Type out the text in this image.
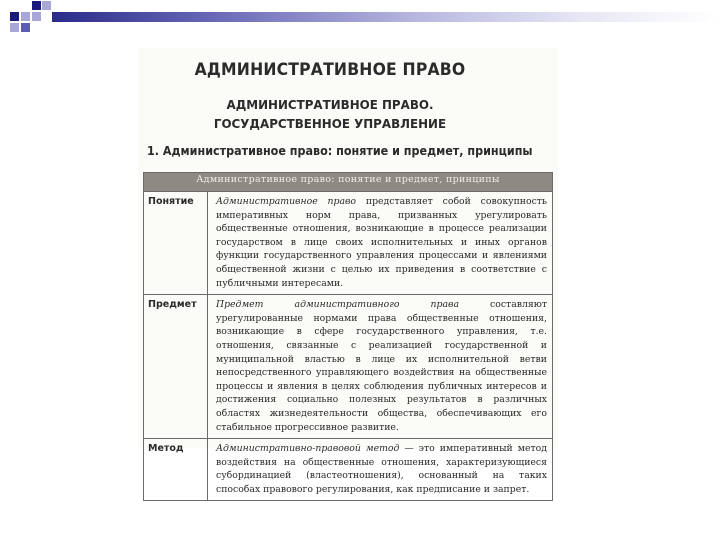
АДМИНИСТРАТИВНОЕ ПРАВО
АДМИНИСТРАТИВНОЕ ПРАВО.
ГОСУДАРСТВЕННОЕ УПРАВЛЕНИЕ
1. Административное право: понятие и предмет, принципы
Административное право: понятие и предмет, принципы	
Понятие	Административное право представляет собой совокупность императивных норм права, призванных урегулировать общественные отношения, возникающие в процессе реализации государством в лице своих исполнительных и иных органов функции государственного управления процессами и явлениями общественной жизни с целью их приведения в соответствие с публичными интересами.
Предмет	Предмет административного права составляют урегулированные нормами права общественные отношения, возникающие в сфере государственного управления, т.е. отношения, связанные с реализацией государственной и муниципальной властью в лице их исполнительной ветви непосредственного управляющего воздействия на общественные процессы и явления в целях соблюдения публичных интересов и достижения социально полезных результатов в различных областях жизнедеятельности общества, обеспечивающих его стабильное прогрессивное развитие.
Метод	Административно-правовой метод — это императивный метод воздействия на общественные отношения, характеризующиеся субординацией (властеотношения), основанный на таких способах правового регулирования, как предписание и запрет.
